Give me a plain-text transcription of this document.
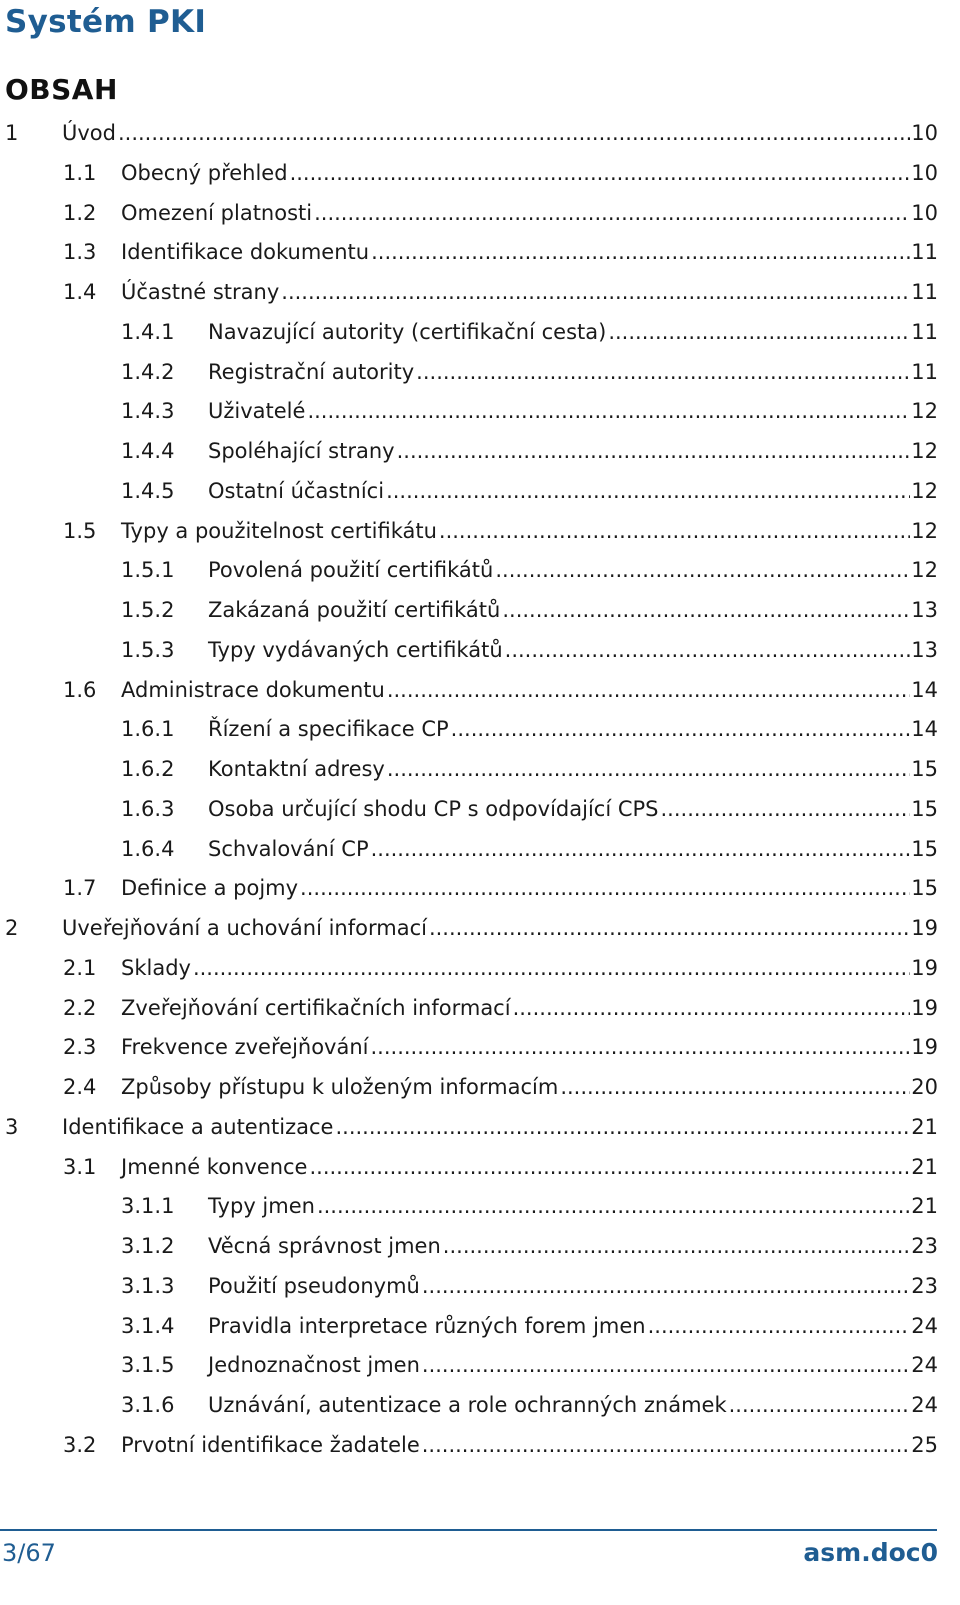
Systém PKI
OBSAH
1	Úvod .....	10
1.1	Obecný přehled .....	10
1.2	Omezení platnosti .....	10
1.3	Identifikace dokumentu .....	11
1.4	Účastné strany .....	11
1.4.1	Navazující autority (certifikační cesta) .....	11
1.4.2	Registrační autority .....	11
1.4.3	Uživatelé .....	12
1.4.4	Spoléhající strany .....	12
1.4.5	Ostatní účastníci .....	12
1.5	Typy a použitelnost certifikátu .....	12
1.5.1	Povolená použití certifikátů .....	12
1.5.2	Zakázaná použití certifikátů .....	13
1.5.3	Typy vydávaných certifikátů .....	13
1.6	Administrace dokumentu .....	14
1.6.1	Řízení a specifikace CP .....	14
1.6.2	Kontaktní adresy .....	15
1.6.3	Osoba určující shodu CP s odpovídající CPS .....	15
1.6.4	Schvalování CP .....	15
1.7	Definice a pojmy .....	15
2	Uveřejňování a uchování informací .....	19
2.1	Sklady .....	19
2.2	Zveřejňování certifikačních informací .....	19
2.3	Frekvence zveřejňování .....	19
2.4	Způsoby přístupu k uloženým informacím .....	20
3	Identifikace a autentizace .....	21
3.1	Jmenné konvence .....	21
3.1.1	Typy jmen .....	21
3.1.2	Věcná správnost jmen .....	23
3.1.3	Použití pseudonymů .....	23
3.1.4	Pravidla interpretace různých forem jmen .....	24
3.1.5	Jednoznačnost jmen .....	24
3.1.6	Uznávání, autentizace a role ochranných známek .....	24
3.2	Prvotní identifikace žadatele .....	25
3/67	asm.doc0
